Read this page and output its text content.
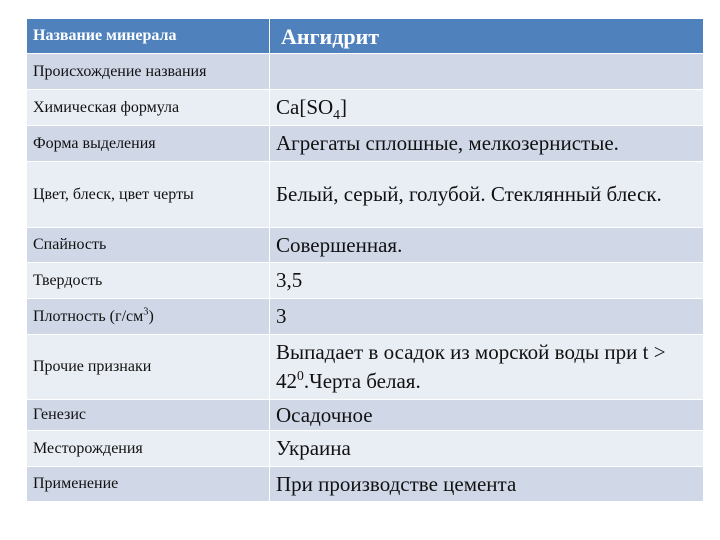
Название минерала	Ангидрит
Происхождение названия	
Химическая формула	$Ca[SO_4]$
Форма выделения	Агрегаты сплошные, мелкозернистые.
Цвет, блеск, цвет черты	Белый, серый, голубой. Стеклянный блеск.
Спайность	Совершенная.
Твердость	3,5
Плотность $(г/см^3)$	3
Прочие признаки	Выпадает в осадок из морской воды при $t > 42^0.Черта$ белая.
Генезис	Осадочное
Месторождения	Украина
Применение	При производстве цемента
